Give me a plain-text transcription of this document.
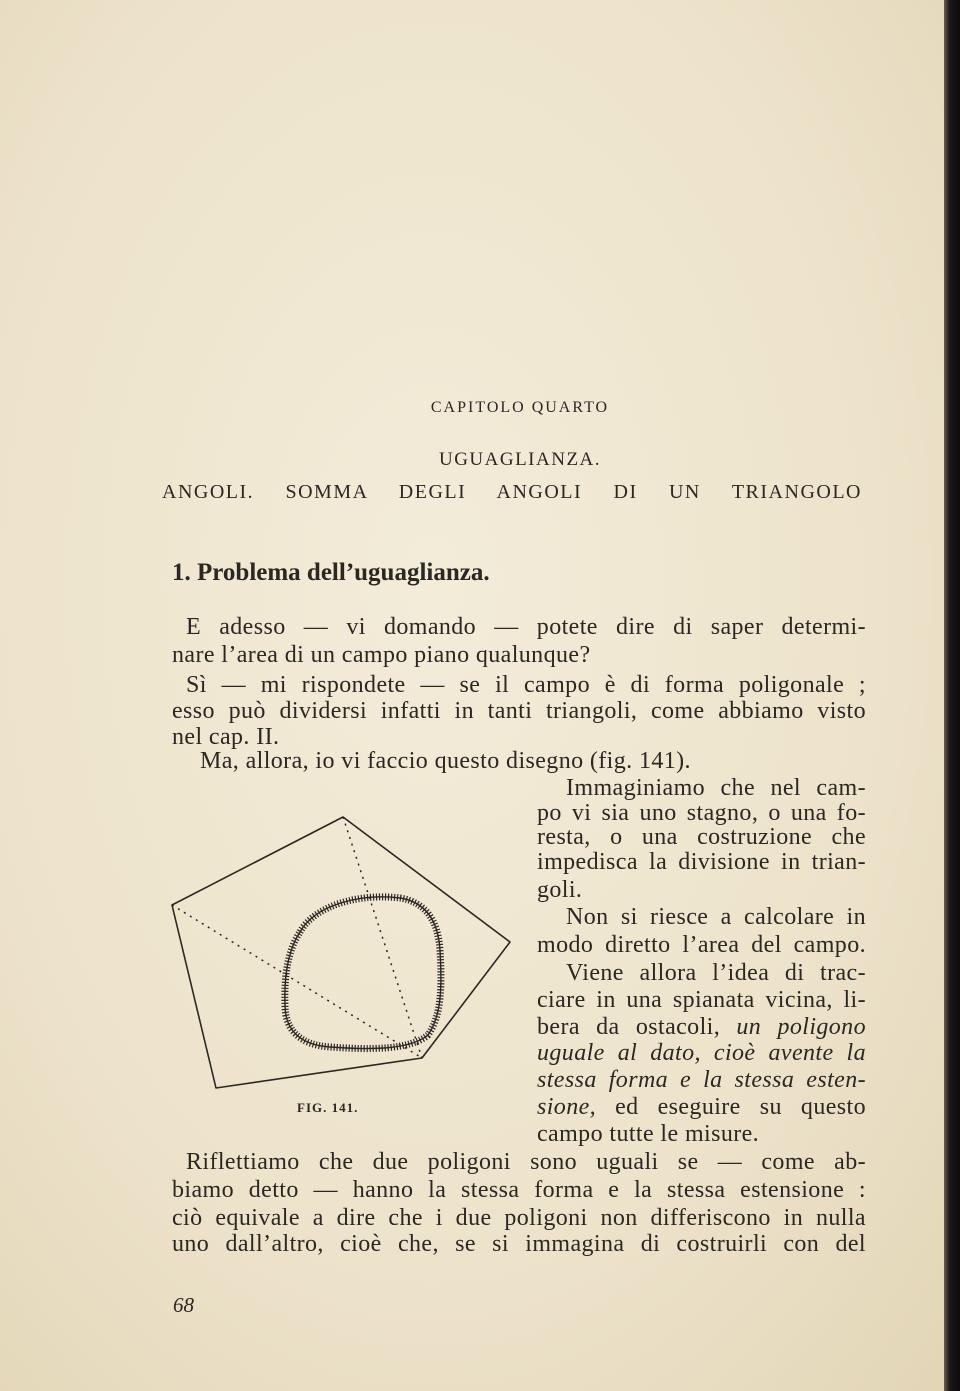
CAPITOLO QUARTO
UGUAGLIANZA.
ANGOLI. SOMMA DEGLI ANGOLI DI UN TRIANGOLO
1. Problema dell’uguaglianza.
E adesso — vi domando — potete dire di saper determi-
nare l’area di un campo piano qualunque?
Sì — mi rispondete — se il campo è di forma poligonale ;
esso può dividersi infatti in tanti triangoli, come abbiamo visto
nel cap. II.
Ma, allora, io vi faccio questo disegno (fig. 141).
Immaginiamo che nel cam-
po vi sia uno stagno, o una fo-
resta, o una costruzione che
impedisca la divisione in trian-
goli.
Non si riesce a calcolare in
modo diretto l’area del campo.
Viene allora l’idea di trac-
ciare in una spianata vicina, li-
bera da ostacoli, un poligono
uguale al dato, cioè avente la
stessa forma e la stessa esten-
sione, ed eseguire su questo
campo tutte le misure.
Riflettiamo che due poligoni sono uguali se — come ab-
biamo detto — hanno la stessa forma e la stessa estensione :
ciò equivale a dire che i due poligoni non differiscono in nulla
uno dall’altro, cioè che, se si immagina di costruirli con del
FIG. 141.
68
